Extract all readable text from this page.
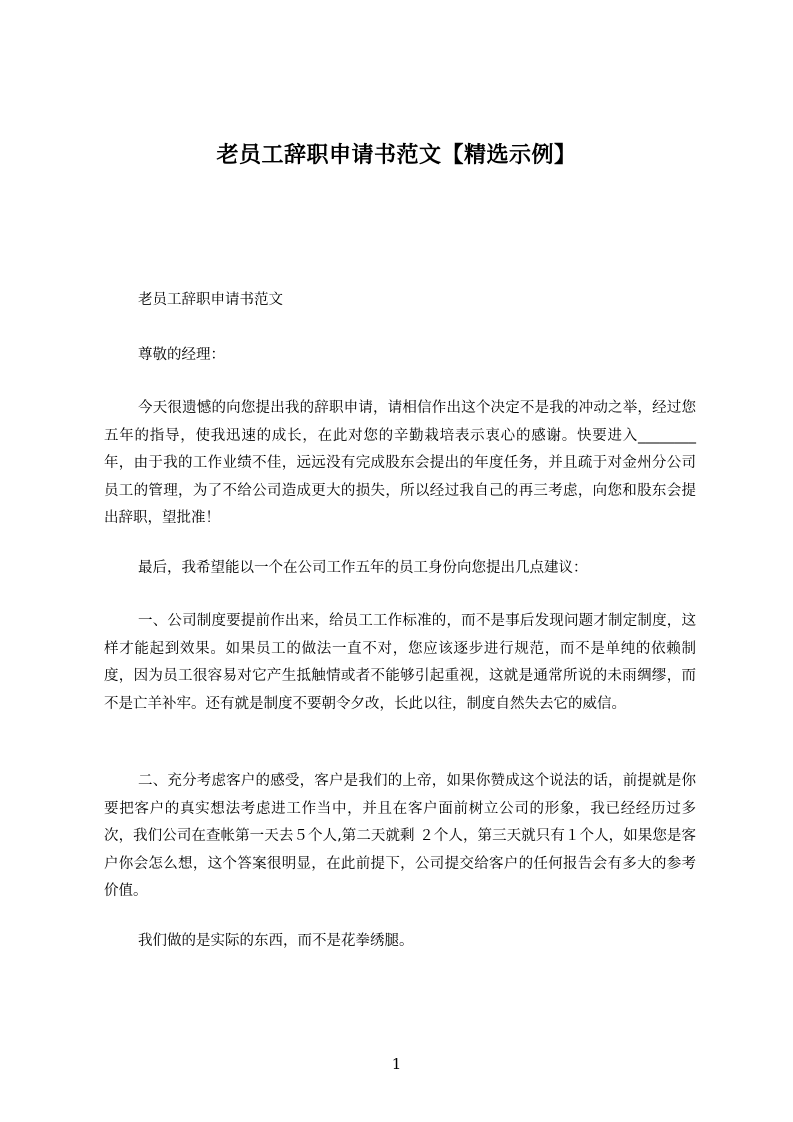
老员工辞职申请书范文【精选示例】

老员工辞职申请书范文

尊敬的经理：

今天很遗憾的向您提出我的辞职申请，请相信作出这个决定不是我的冲动之举，经过您五年的指导，使我迅速的成长，在此对您的辛勤栽培表示衷心的感谢。快要进入________年，由于我的工作业绩不佳，远远没有完成股东会提出的年度任务，并且疏于对金州分公司员工的管理，为了不给公司造成更大的损失，所以经过我自己的再三考虑，向您和股东会提出辞职，望批准！

最后，我希望能以一个在公司工作五年的员工身份向您提出几点建议：

一、公司制度要提前作出来，给员工工作标准的，而不是事后发现问题才制定制度，这样才能起到效果。如果员工的做法一直不对，您应该逐步进行规范，而不是单纯的依赖制度，因为员工很容易对它产生抵触情或者不能够引起重视，这就是通常所说的未雨绸缪，而不是亡羊补牢。还有就是制度不要朝令夕改，长此以往，制度自然失去它的威信。

二、充分考虑客户的感受，客户是我们的上帝，如果你赞成这个说法的话，前提就是你要把客户的真实想法考虑进工作当中，并且在客户面前树立公司的形象，我已经经历过多次，我们公司在查帐第一天去５个人,第二天就剩 ２个人，第三天就只有１个人，如果您是客户你会怎么想，这个答案很明显，在此前提下，公司提交给客户的任何报告会有多大的参考价值。

我们做的是实际的东西，而不是花拳绣腿。

1
